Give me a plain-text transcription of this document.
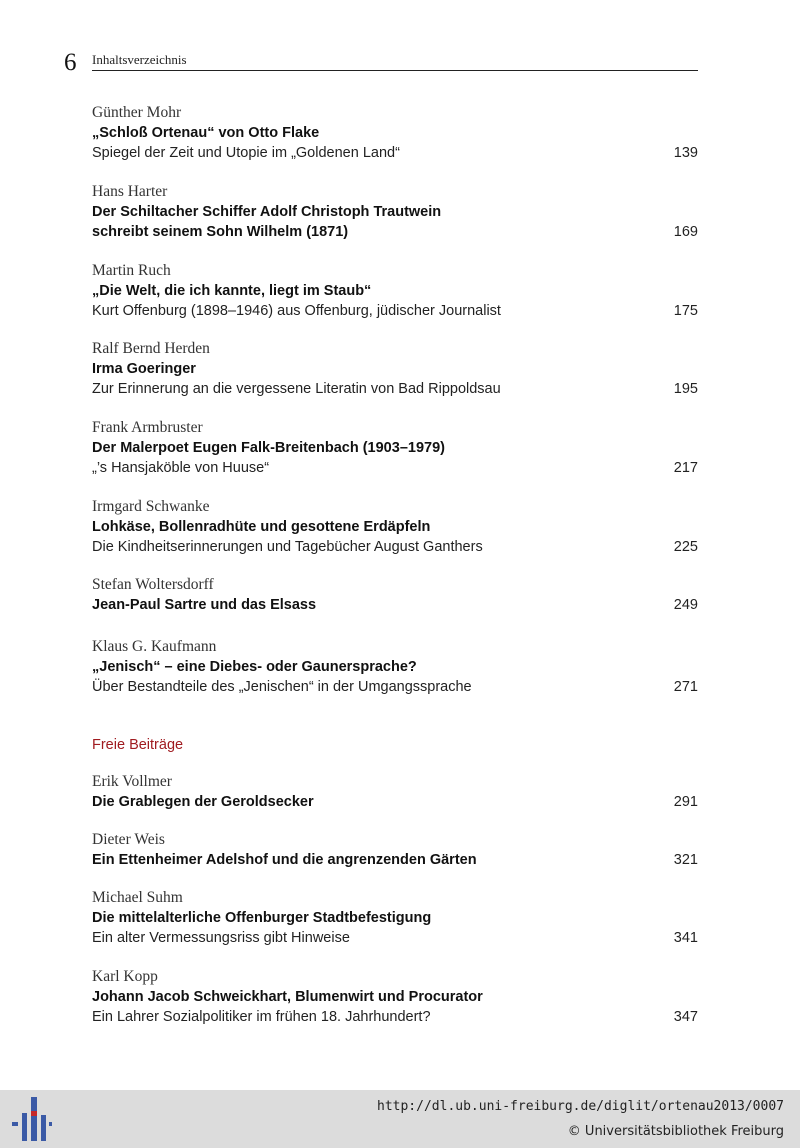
6 Inhaltsverzeichnis
Günther Mohr
„Schloß Ortenau“ von Otto Flake
Spiegel der Zeit und Utopie im „Goldenen Land“	139
Hans Harter
Der Schiltacher Schiffer Adolf Christoph Trautwein
schreibt seinem Sohn Wilhelm (1871)	169
Martin Ruch
„Die Welt, die ich kannte, liegt im Staub“
Kurt Offenburg (1898–1946) aus Offenburg, jüdischer Journalist	175
Ralf Bernd Herden
Irma Goeringer
Zur Erinnerung an die vergessene Literatin von Bad Rippoldsau	195
Frank Armbruster
Der Malerpoet Eugen Falk-Breitenbach (1903–1979)
„’s Hansjaköble von Huuse“	217
Irmgard Schwanke
Lohkäse, Bollenradhüte und gesottene Erdäpfeln
Die Kindheitserinnerungen und Tagebücher August Ganthers	225
Stefan Woltersdorff
Jean-Paul Sartre und das Elsass	249
Klaus G. Kaufmann
„Jenisch“ – eine Diebes- oder Gaunersprache?
Über Bestandteile des „Jenischen“ in der Umgangssprache	271
Freie Beiträge
Erik Vollmer
Die Grablegen der Geroldsecker	291
Dieter Weis
Ein Ettenheimer Adelshof und die angrenzenden Gärten	321
Michael Suhm
Die mittelalterliche Offenburger Stadtbefestigung
Ein alter Vermessungsriss gibt Hinweise	341
Karl Kopp
Johann Jacob Schweickhart, Blumenwirt und Procurator
Ein Lahrer Sozialpolitiker im frühen 18. Jahrhundert?	347
http://dl.ub.uni-freiburg.de/diglit/ortenau2013/0007
© Universitätsbibliothek Freiburg
